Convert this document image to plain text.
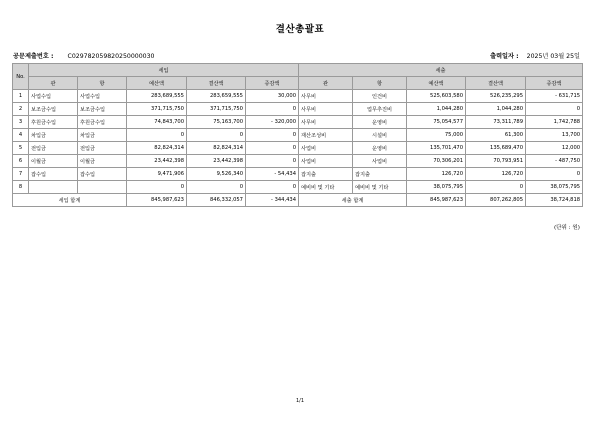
결산총괄표
공문제출번호 : C029782059820250000030	출력일자 : 2025년 03월 25일
No.	세입					세출				
	관	항	예산액	결산액	증감액	관	항	예산액	결산액	증감액
1	사업수입	사업수입	283,689,555	283,659,555	30,000	사무비	인건비	525,603,580	526,235,295	- 631,715
2	보조금수입	보조금수입	371,715,750	371,715,750	0	사무비	업무추진비	1,044,280	1,044,280	0
3	후원금수입	후원금수입	74,843,700	75,163,700	- 320,000	사무비	운영비	75,054,577	73,311,789	1,742,788
4	차입금	차입금	0	0	0	재산조성비	시설비	75,000	61,300	13,700
5	전입금	전입금	82,824,314	82,824,314	0	사업비	운영비	135,701,470	135,689,470	12,000
6	이월금	이월금	23,442,398	23,442,398	0	사업비	사업비	70,306,201	70,793,951	- 487,750
7	잡수입	잡수입	9,471,906	9,526,340	- 54,434	잡지출	잡지출	126,720	126,720	0
8			0	0	0	예비비 및 기타	예비비 및 기타	38,075,795	0	38,075,795
세입 합계			845,987,623	846,332,057	- 344,434	세출 합계		845,987,623	807,262,805	38,724,818
(단위 : 원)
1/1
